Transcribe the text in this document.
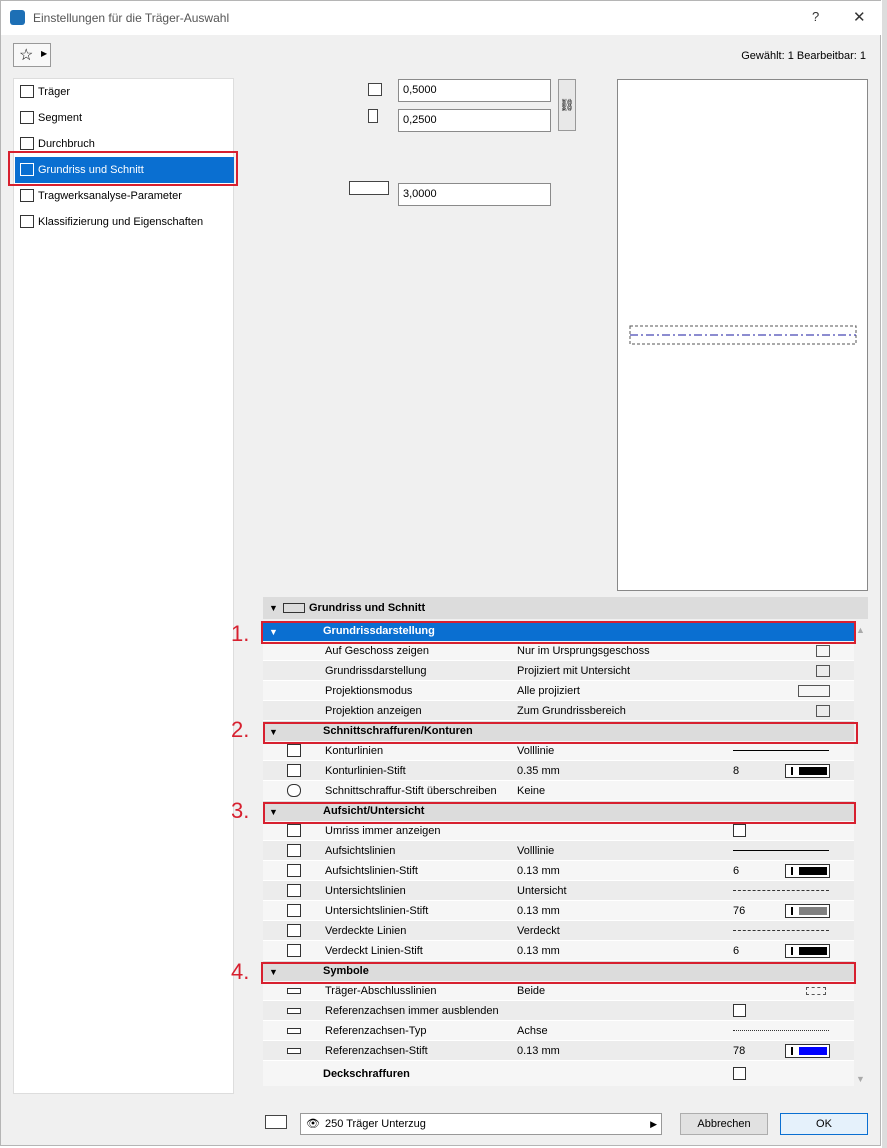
Einstellungen für die Träger-Auswahl	? ✕
☆ ▶	Gewählt: 1 Bearbeitbar: 1
Träger
Segment
Durchbruch
Grundriss und Schnitt
Tragwerksanalyse-Parameter
Klassifizierung und Eigenschaften
0,5000
0,2500
⛓
3,0000
▼	Grundriss und Schnitt
▼	Grundrissdarstellung
Auf Geschoss zeigen	Nur im Ursprungsgeschoss
Grundrissdarstellung	Projiziert mit Untersicht
Projektionsmodus	Alle projiziert
Projektion anzeigen	Zum Grundrissbereich
▼	Schnittschraffuren/Konturen
Konturlinien	Volllinie
Konturlinien-Stift	0.35 mm	8
Schnittschraffur-Stift überschreiben Keine
▼	Aufsicht/Untersicht
Umriss immer anzeigen
Aufsichtslinien	Volllinie
Aufsichtslinien-Stift	0.13 mm	6
Untersichtslinien	Untersicht
Untersichtslinien-Stift	0.13 mm	76
Verdeckte Linien	Verdeckt
Verdeckt Linien-Stift	0.13 mm	6
▼	Symbole
Träger-Abschlusslinien	Beide
Referenzachsen immer ausblenden
Referenzachsen-Typ	Achse
Referenzachsen-Stift	0.13 mm	78
Deckschraffuren
▲
▼
1.
2.
3.
4.
👁 250 Träger Unterzug	▶	Abbrechen	OK
